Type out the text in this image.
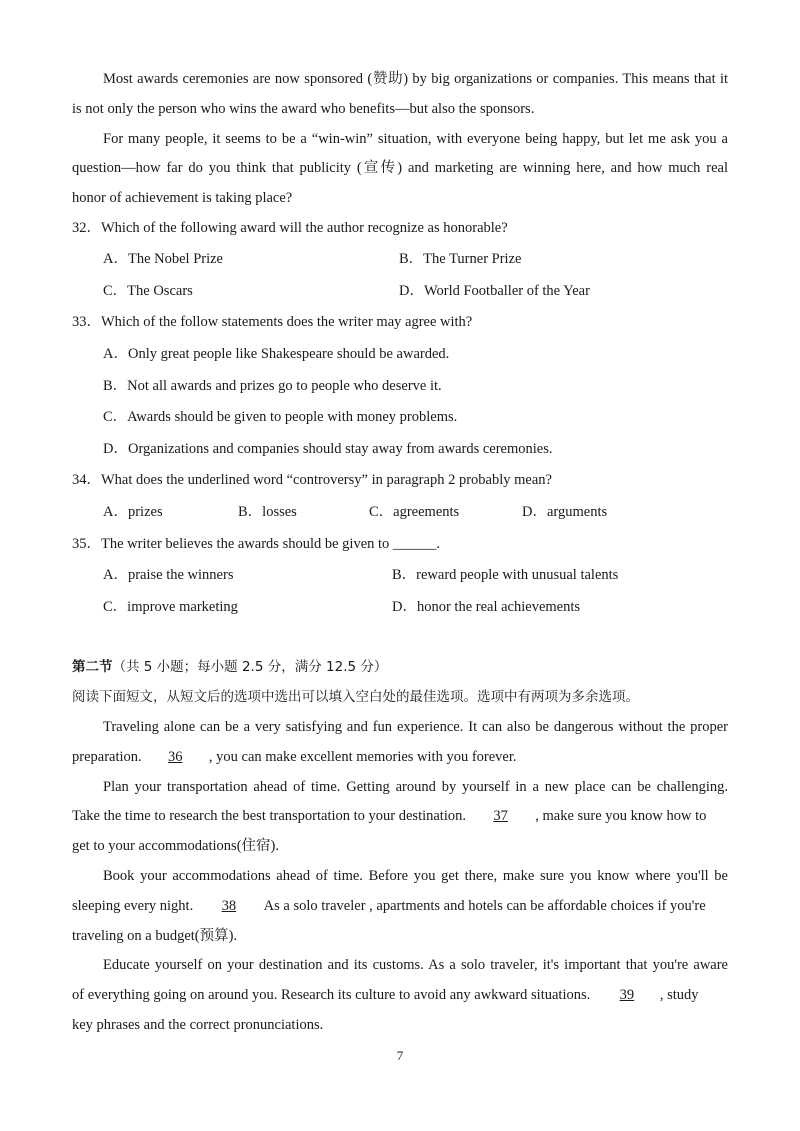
Most awards ceremonies are now sponsored (赞助) by big organizations or companies. This means that it
is not only the person who wins the award who benefits—but also the sponsors.
For many people, it seems to be a “win-win” situation, with everyone being happy, but let me ask you a
question—how far do you think that publicity (宣传) and marketing are winning here, and how much real
honor of achievement is taking place?
32．Which of the following award will the author recognize as honorable?
A．The Nobel Prize	B．The Turner Prize
C．The Oscars	D．World Footballer of the Year
33．Which of the follow statements does the writer may agree with?
A．Only great people like Shakespeare should be awarded.
B．Not all awards and prizes go to people who deserve it.
C．Awards should be given to people with money problems.
D．Organizations and companies should stay away from awards ceremonies.
34．What does the underlined word “controversy” in paragraph 2 probably mean?
A．prizes	B．losses	C．agreements	D．arguments
35．The writer believes the awards should be given to ______.
A．praise the winners	B．reward people with unusual talents
C．improve marketing	D．honor the real achievements
第二节（共 5 小题；每小题 2.5 分，满分 12.5 分）
阅读下面短文，从短文后的选项中选出可以填入空白处的最佳选项。选项中有两项为多余选项。
Traveling alone can be a very satisfying and fun experience. It can also be dangerous without the proper
preparation. 36 , you can make excellent memories with you forever.
Plan your transportation ahead of time. Getting around by yourself in a new place can be challenging.
Take the time to research the best transportation to your destination. 37 , make sure you know how to
get to your accommodations(住宿).
Book your accommodations ahead of time. Before you get there, make sure you know where you'll be
sleeping every night. 38 As a solo traveler , apartments and hotels can be affordable choices if you're
traveling on a budget(预算).
Educate yourself on your destination and its customs. As a solo traveler, it's important that you're aware
of everything going on around you. Research its culture to avoid any awkward situations. 39 , study
key phrases and the correct pronunciations.
7
